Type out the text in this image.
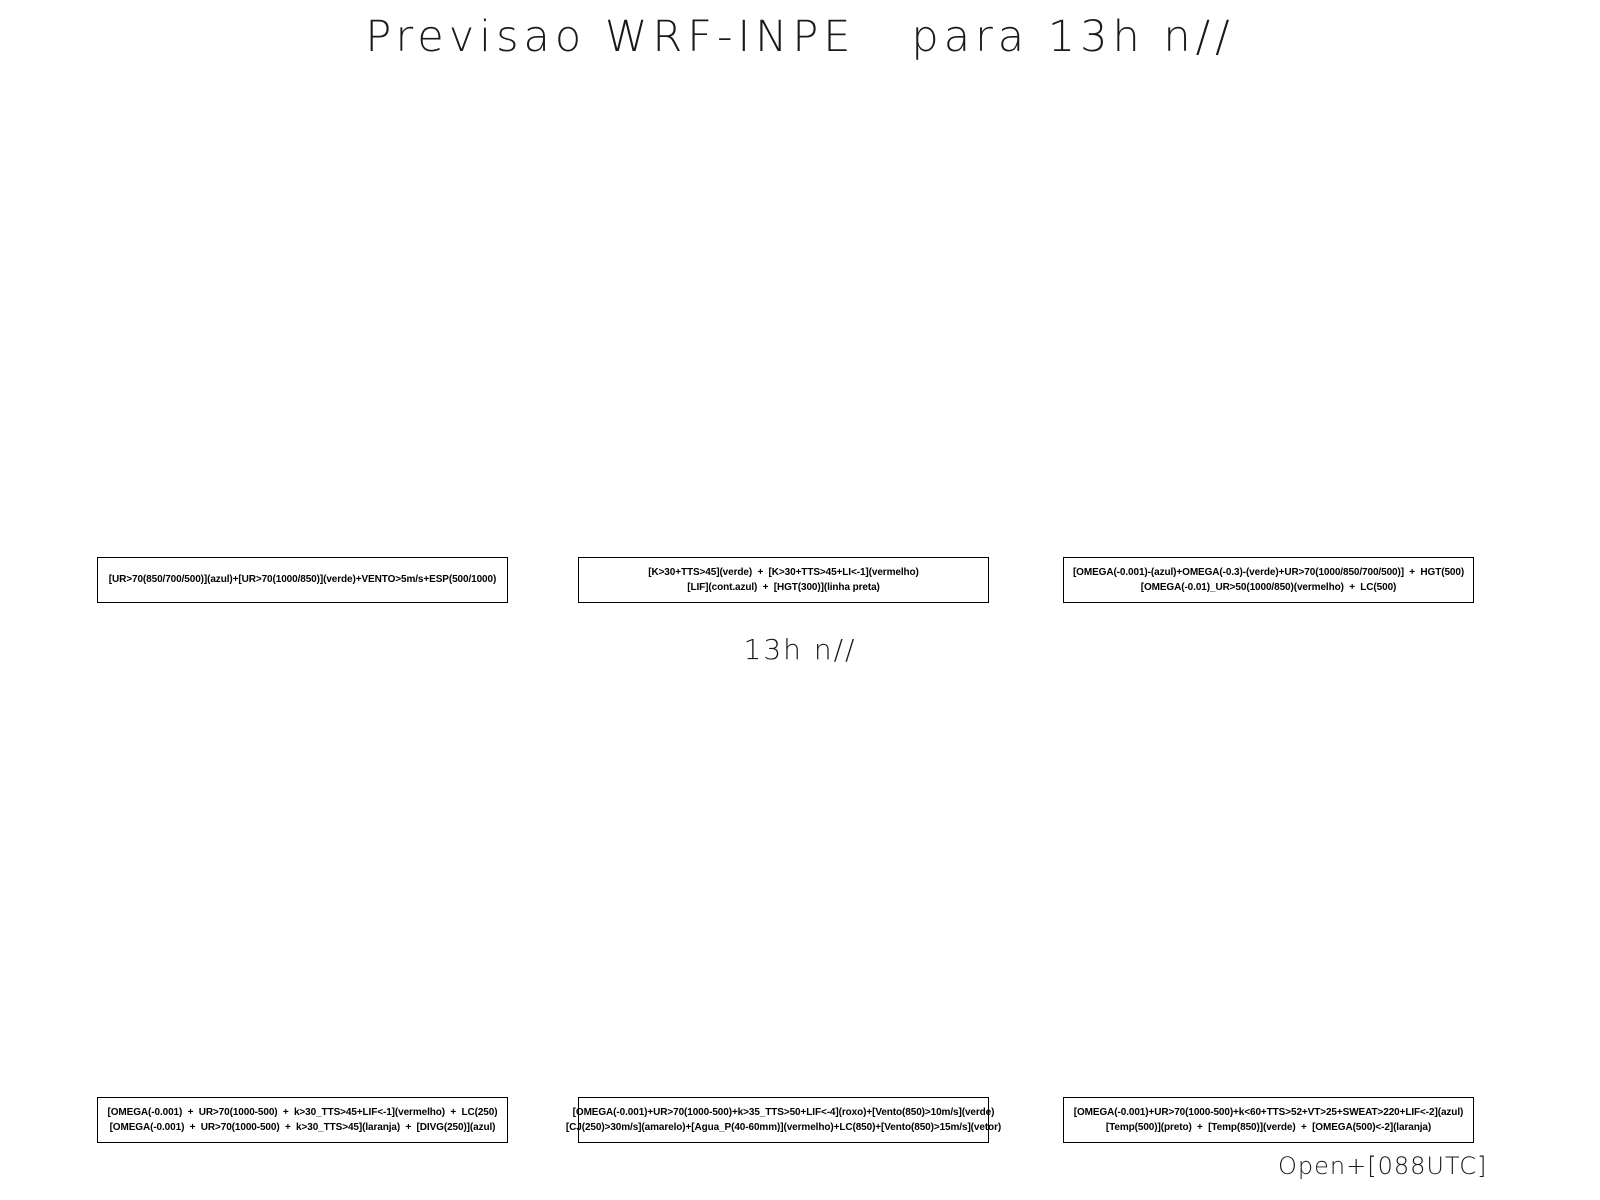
Previsao WRF-INPE   para 13h n//
[UR>70(850/700/500)](azul)+[UR>70(1000/850)](verde)+VENTO>5m/s+ESP(500/1000)
[K>30+TTS>45](verde)  +  [K>30+TTS>45+LI<-1](vermelho)
[LIF](cont.azul)  +  [HGT(300)](linha preta)
[OMEGA(-0.001)-(azul)+OMEGA(-0.3)-(verde)+UR>70(1000/850/700/500)]  +  HGT(500)
[OMEGA(-0.01)_UR>50(1000/850)(vermelho)  +  LC(500)
13h n//
[OMEGA(-0.001)  +  UR>70(1000-500)  +  k>30_TTS>45+LIF<-1](vermelho)  +  LC(250)
[OMEGA(-0.001)  +  UR>70(1000-500)  +  k>30_TTS>45](laranja)  +  [DIVG(250)](azul)
[OMEGA(-0.001)+UR>70(1000-500)+k>35_TTS>50+LIF<-4](roxo)+[Vento(850)>10m/s](verde)
[CJ(250)>30m/s](amarelo)+[Agua_P(40-60mm)](vermelho)+LC(850)+[Vento(850)>15m/s](vetor)
[OMEGA(-0.001)+UR>70(1000-500)+k<60+TTS>52+VT>25+SWEAT>220+LIF<-2](azul)
[Temp(500)](preto)  +  [Temp(850)](verde)  +  [OMEGA(500)<-2](laranja)
Open+[088UTC]
